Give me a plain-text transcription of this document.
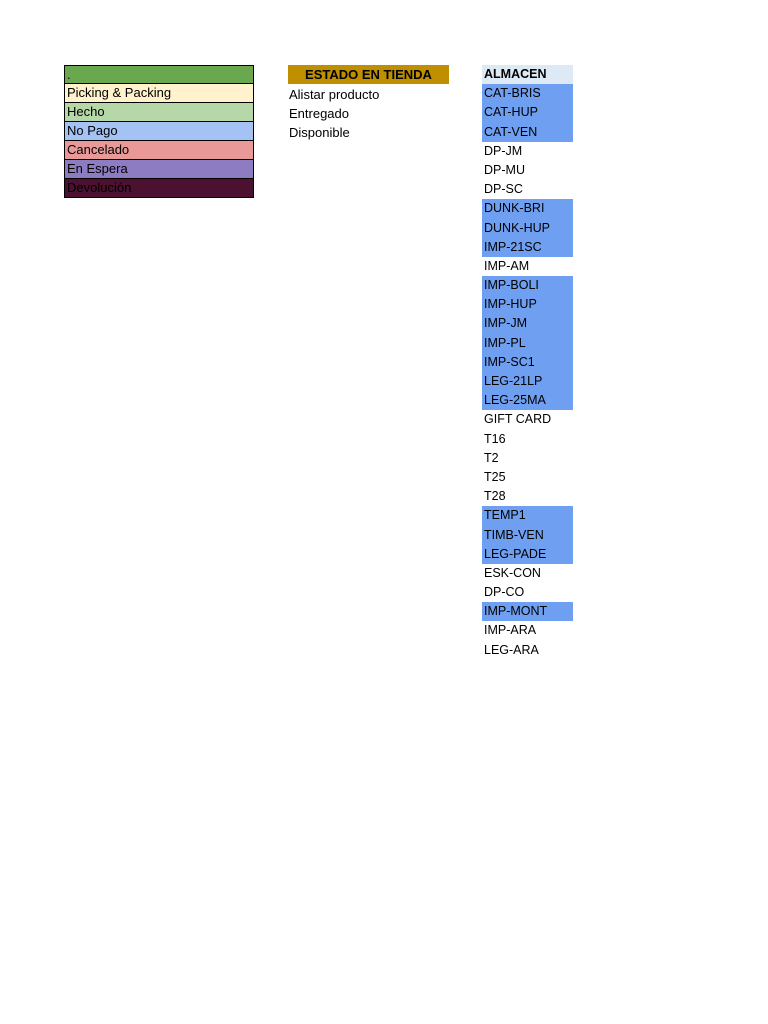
.
Picking & Packing
Hecho
No Pago
Cancelado
En Espera
Devolución
ESTADO EN TIENDA
Alistar producto
Entregado
Disponible
ALMACEN
CAT-BRIS
CAT-HUP
CAT-VEN
DP-JM
DP-MU
DP-SC
DUNK-BRI
DUNK-HUP
IMP-21SC
IMP-AM
IMP-BOLI
IMP-HUP
IMP-JM
IMP-PL
IMP-SC1
LEG-21LP
LEG-25MA
GIFT CARD
T16
T2
T25
T28
TEMP1
TIMB-VEN
LEG-PADE
ESK-CON
DP-CO
IMP-MONT
IMP-ARA
LEG-ARA
